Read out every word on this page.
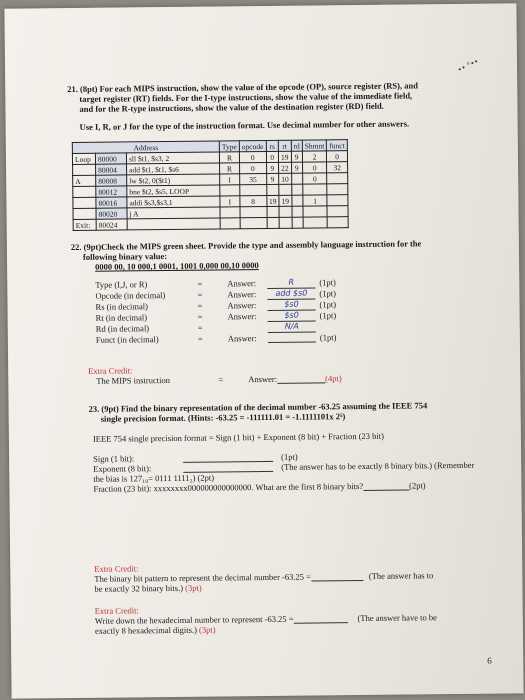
•• °••
21. (8pt) For each MIPS instruction, show the value of the opcode (OP), source register (RS), and
target register (RT) fields. For the I-type instructions, show the value of the immediate field,
and for the R-type instructions, show the value of the destination register (RD) field.
Use I, R, or J for the type of the instruction format. Use decimal number for other answers.
Address			Type	opcode	rs	rt	rd	Shmnt	funct
Loop	80000	sll $t1, $s3, 2	R	0	0	19	9	2	0
	80004	add $t1, $t1, $s6	R	0	9	22	9	0	32
A	80008	lw $t2, 0($t1)	I	35	9	10		0	
	80012	bne $t2, $s5, LOOP							
	80016	addi $s3,$s3,1	I	8	19	19		1	
	80020	j A							
Exit:	80024								
22. (9pt)Check the MIPS green sheet. Provide the type and assembly language instruction for the
following binary value:
0000 00, 10 000,1 0001, 1001 0,000 00,10 0000
Type (I,J, or R)	=	Answer:	R	(1pt)
Opcode (in decimal)	=	Answer:	add $s0	(1pt)
Rs (in decimal)	=	Answer:	$s0	(1pt)
Rt (in decimal)	=	Answer:	$s0	(1pt)
Rd (in decimal)	=	N/A
Funct (in decimal)	=	Answer:	(1pt)
Extra Credit:
The MIPS instruction	=	Answer:	(4pt)
23. (9pt) Find the binary representation of the decimal number -63.25 assuming the IEEE 754
single precision format. (Hints: -63.25 = -111111.01 = -1.1111101x 2⁵)
IEEE 754 single precision format = Sign (1 bit) + Exponent (8 bit) + Fraction (23 bit)
Sign (1 bit):	(1pt)
Exponent (8 bit):	(The answer has to be exactly 8 binary bits.) (Remember
the bias is 127₁₀= 0111 1111₂) (2pt)
Fraction (23 bit): xxxxxxxx000000000000000. What are the first 8 binary bits?	(2pt)
Extra Credit:
The binary bit pattern to represent the decimal number -63.25 =	(The answer has to
be exactly 32 binary bits.) (3pt)
Extra Credit:
Write down the hexadecimal number to represent -63.25 =	(The answer have to be
exactly 8 hexadecimal digits.) (3pt)
6
